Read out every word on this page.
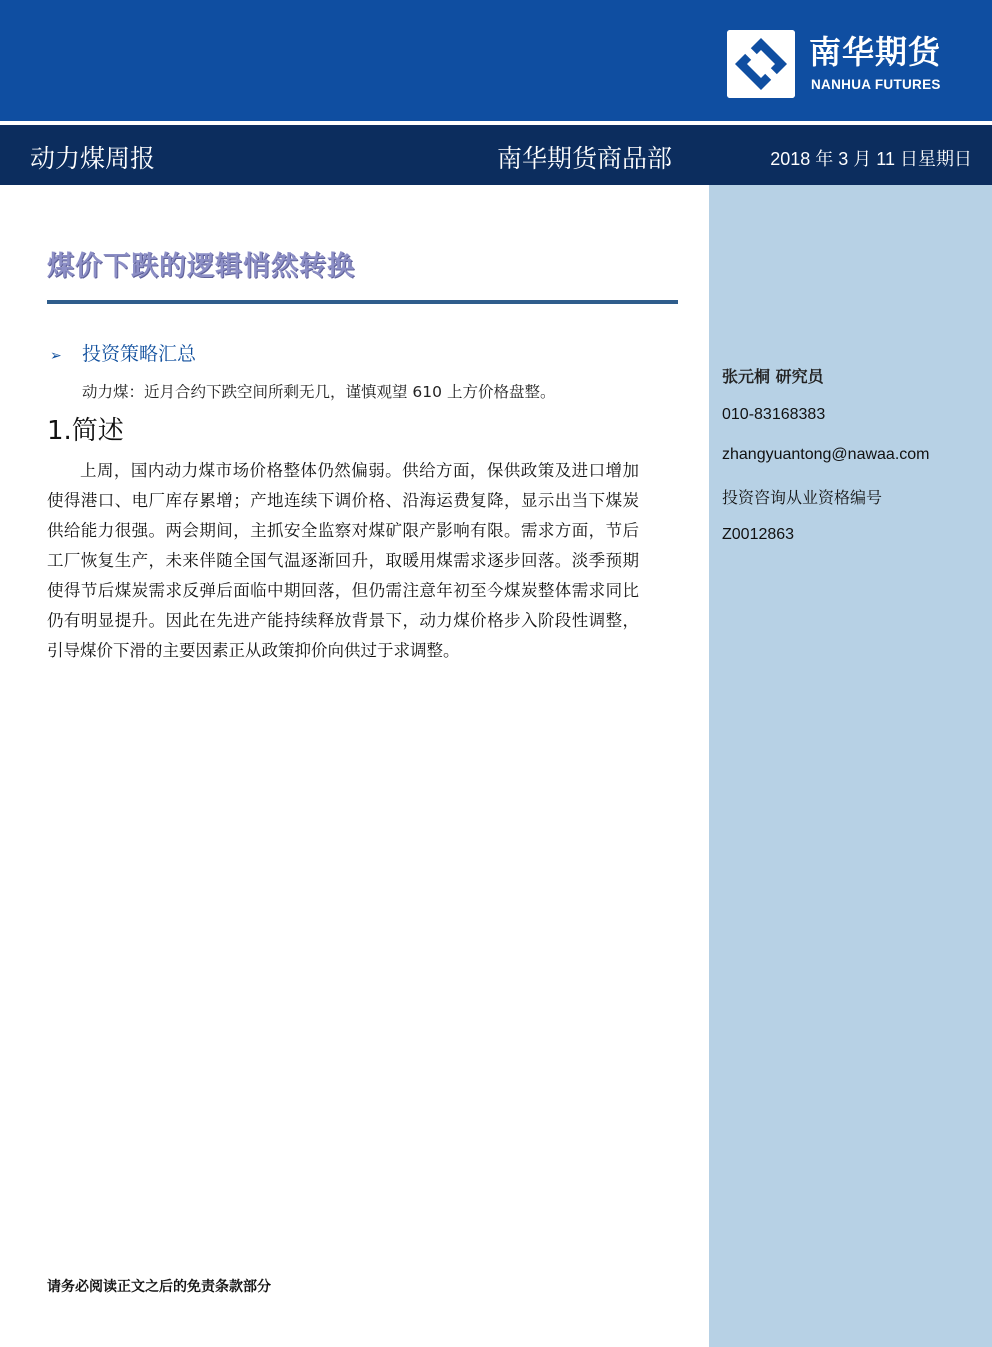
南华期货
NANHUA FUTURES
动力煤周报	南华期货商品部	2018 年 3 月 11 日星期日
张元桐 研究员
010-83168383
zhangyuantong@nawaa.com
投资咨询从业资格编号
Z0012863
煤价下跌的逻辑悄然转换
➢ 投资策略汇总
动力煤：近月合约下跌空间所剩无几，谨慎观望 610 上方价格盘整。
1.简述

上周，国内动力煤市场价格整体仍然偏弱。供给方面，保供政策及进口增加使得港口、电厂库存累增；产地连续下调价格、沿海运费复降，显示出当下煤炭供给能力很强。两会期间，主抓安全监察对煤矿限产影响有限。需求方面，节后工厂恢复生产，未来伴随全国气温逐渐回升，取暖用煤需求逐步回落。淡季预期使得节后煤炭需求反弹后面临中期回落，但仍需注意年初至今煤炭整体需求同比仍有明显提升。因此在先进产能持续释放背景下，动力煤价格步入阶段性调整，引导煤价下滑的主要因素正从政策抑价向供过于求调整。

请务必阅读正文之后的免责条款部分
